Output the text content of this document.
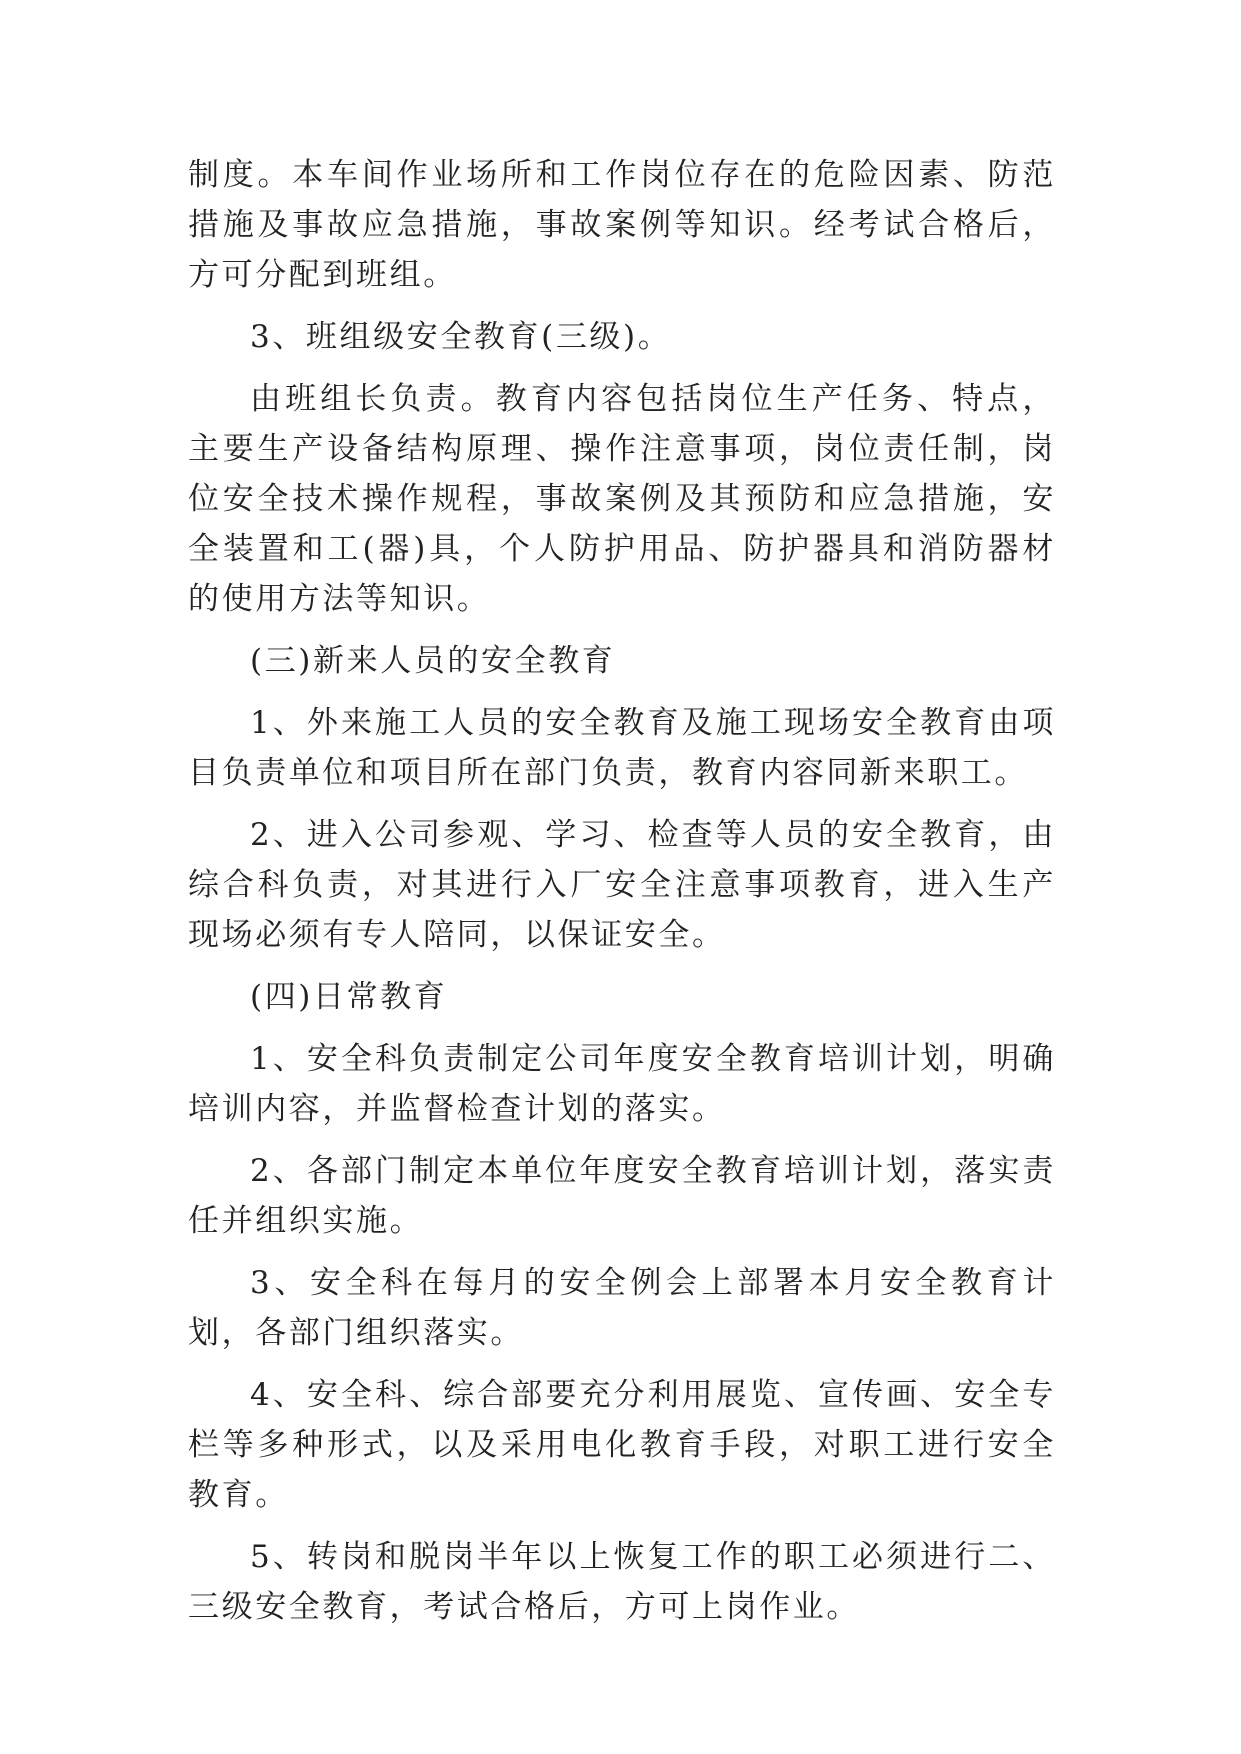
制度。本车间作业场所和工作岗位存在的危险因素、防范措施及事故应急措施，事故案例等知识。经考试合格后，方可分配到班组。

3、班组级安全教育(三级)。

由班组长负责。教育内容包括岗位生产任务、特点，主要生产设备结构原理、操作注意事项，岗位责任制，岗位安全技术操作规程，事故案例及其预防和应急措施，安全装置和工(器)具，个人防护用品、防护器具和消防器材的使用方法等知识。

(三)新来人员的安全教育

1、外来施工人员的安全教育及施工现场安全教育由项目负责单位和项目所在部门负责，教育内容同新来职工。

2、进入公司参观、学习、检查等人员的安全教育，由综合科负责，对其进行入厂安全注意事项教育，进入生产现场必须有专人陪同，以保证安全。

(四)日常教育

1、安全科负责制定公司年度安全教育培训计划，明确培训内容，并监督检查计划的落实。

2、各部门制定本单位年度安全教育培训计划，落实责任并组织实施。

3、安全科在每月的安全例会上部署本月安全教育计划，各部门组织落实。

4、安全科、综合部要充分利用展览、宣传画、安全专栏等多种形式，以及采用电化教育手段，对职工进行安全教育。

5、转岗和脱岗半年以上恢复工作的职工必须进行二、三级安全教育，考试合格后，方可上岗作业。
